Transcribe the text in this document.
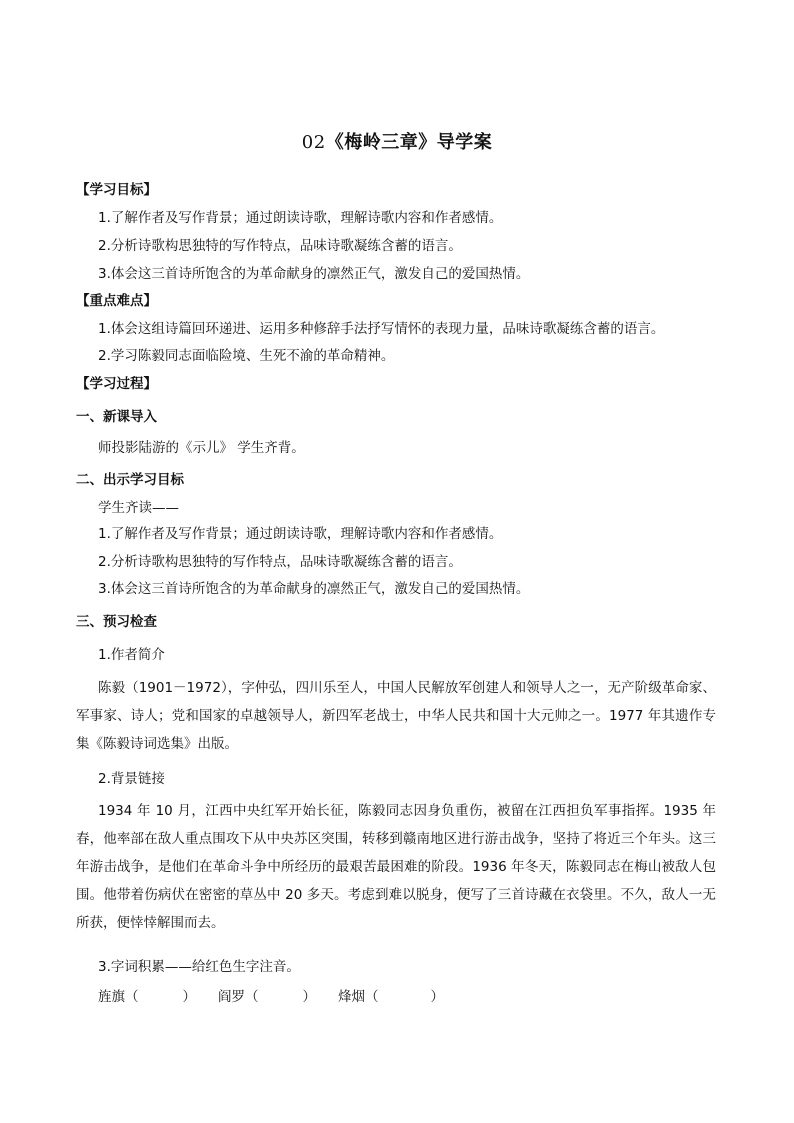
02《梅岭三章》导学案
【学习目标】
1.了解作者及写作背景；通过朗读诗歌，理解诗歌内容和作者感情。
2.分析诗歌构思独特的写作特点，品味诗歌凝练含蓄的语言。
3.体会这三首诗所饱含的为革命献身的凛然正气，激发自己的爱国热情。
【重点难点】
1.体会这组诗篇回环递进、运用多种修辞手法抒写情怀的表现力量，品味诗歌凝练含蓄的语言。
2.学习陈毅同志面临险境、生死不渝的革命精神。
【学习过程】
一、新课导入
师投影陆游的《示儿》 学生齐背。
二、出示学习目标
学生齐读——
1.了解作者及写作背景；通过朗读诗歌，理解诗歌内容和作者感情。
2.分析诗歌构思独特的写作特点，品味诗歌凝练含蓄的语言。
3.体会这三首诗所饱含的为革命献身的凛然正气，激发自己的爱国热情。
三、预习检查
1.作者简介
陈毅（1901－1972），字仲弘，四川乐至人，中国人民解放军创建人和领导人之一，无产阶级革命家、军事家、诗人；党和国家的卓越领导人，新四军老战士，中华人民共和国十大元帅之一。1977 年其遗作专集《陈毅诗词选集》出版。
2.背景链接
1934 年 10 月，江西中央红军开始长征，陈毅同志因身负重伤，被留在江西担负军事指挥。1935 年春，他率部在敌人重点围攻下从中央苏区突围，转移到赣南地区进行游击战争，坚持了将近三个年头。这三年游击战争，是他们在革命斗争中所经历的最艰苦最困难的阶段。1936 年冬天，陈毅同志在梅山被敌人包围。他带着伤病伏在密密的草丛中 20 多天。考虑到难以脱身，便写了三首诗藏在衣袋里。不久，敌人一无所获，便悻悻解围而去。
3.字词积累——给红色生字注音。
旌旗（	） 阎罗（	） 烽烟（	）
